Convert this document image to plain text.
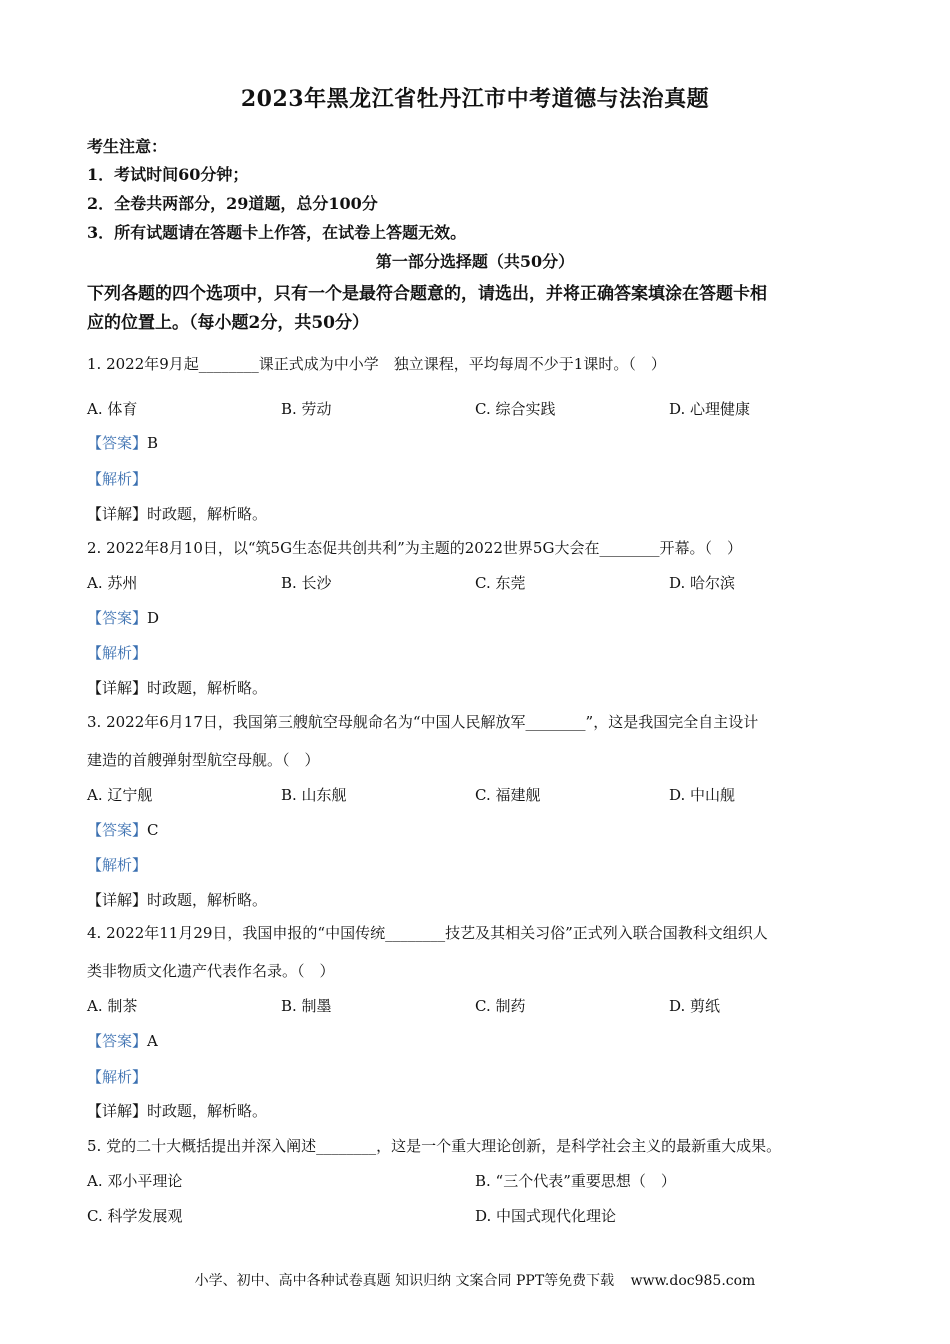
2023年黑龙江省牡丹江市中考道德与法治真题
考生注意：
1．考试时间60分钟；
2．全卷共两部分，29道题，总分100分
3．所有试题请在答题卡上作答，在试卷上答题无效。
第一部分选择题（共50分）
下列各题的四个选项中，只有一个是最符合题意的，请选出，并将正确答案填涂在答题卡相
应的位置上。（每小题2分，共50分）
1. 2022年9月起________课正式成为中小学　独立课程，平均每周不少于1课时。（　）
A. 体育	B. 劳动	C. 综合实践	D. 心理健康
【答案】B
【解析】
【详解】时政题，解析略。
2. 2022年8月10日，以“筑5G生态促共创共利”为主题的2022世界5G大会在________开幕。（　）
A. 苏州	B. 长沙	C. 东莞	D. 哈尔滨
【答案】D
【解析】
【详解】时政题，解析略。
3. 2022年6月17日，我国第三艘航空母舰命名为“中国人民解放军________”，这是我国完全自主设计
建造的首艘弹射型航空母舰。（　）
A. 辽宁舰	B. 山东舰	C. 福建舰	D. 中山舰
【答案】C
【解析】
【详解】时政题，解析略。
4. 2022年11月29日，我国申报的“中国传统________技艺及其相关习俗”正式列入联合国教科文组织人
类非物质文化遗产代表作名录。（　）
A. 制茶	B. 制墨	C. 制药	D. 剪纸
【答案】A
【解析】
【详解】时政题，解析略。
5. 党的二十大概括提出并深入阐述________，这是一个重大理论创新，是科学社会主义的最新重大成果。
A. 邓小平理论	B. “三个代表”重要思想（　）
C. 科学发展观	D. 中国式现代化理论
小学、初中、高中各种试卷真题 知识归纳 文案合同 PPT等免费下载 www.doc985.com
